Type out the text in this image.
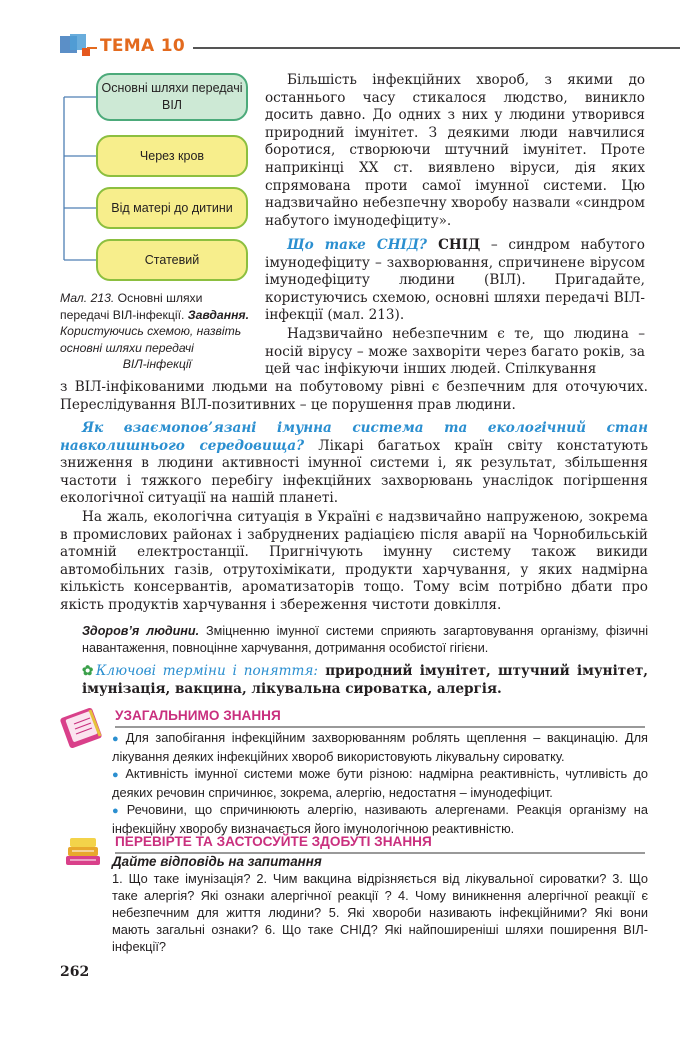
ТЕМА 10
Основні шляхи передачі ВІЛ
Через кров
Від матері до дитини
Статевий
Мал. 213. Основні шляхи передачі ВІЛ-інфекції. Завдання. Користуючись схемою, назвіть основні шляхи передачі
ВІЛ-інфекції
Більшість інфекційних хвороб, з якими до останнього часу стикалося людство, виникло досить давно. До одних з них у людини утворився природний імунітет. З деякими люди навчилися боротися, створюючи штучний імунітет. Проте наприкінці XX ст. виявлено віруси, дія яких спрямована проти самої імунної системи. Цю надзвичайно небезпечну хворобу назвали «синдром набутого імунодефіциту».
Що таке СНІД? СНІД – синдром набутого імунодефіциту – захворювання, спричинене вірусом імунодефіциту людини (ВІЛ). Пригадайте, користуючись схемою, основні шляхи передачі ВІЛ-інфекції (мал. 213).
Надзвичайно небезпечним є те, що людина – носій вірусу – може захворіти через багато років, за цей час інфікуючи інших людей. Спілкування
з ВІЛ-інфікованими людьми на побутовому рівні є безпечним для оточуючих. Переслідування ВІЛ-позитивних – це порушення прав людини.
Як взаємопов’язані імунна система та екологічний стан навколишнього середовища? Лікарі багатьох країн світу констатують зниження в людини активності імунної системи і, як результат, збільшення частоти і тяжкого перебігу інфекційних захворювань унаслідок погіршення екологічної ситуації на нашій планеті.
На жаль, екологічна ситуація в Україні є надзвичайно напруженою, зокрема в промислових районах і забруднених радіацією після аварії на Чорнобильській атомній електростанції. Пригнічують імунну систему також викиди автомобільних газів, отрутохімікати, продукти харчування, у яких надмірна кількість консервантів, ароматизаторів тощо. Тому всім потрібно дбати про якість продуктів харчування і збереження чистоти довкілля.
Здоров’я людини. Зміцненню імунної системи сприяють загартовування організму, фізичні навантаження, повноцінне харчування, дотримання особистої гігієни.
✿Ключові терміни і поняття: природний імунітет, штучний імунітет, імунізація, вакцина, лікувальна сироватка, алергія.
УЗАГАЛЬНИМО ЗНАННЯ
● Для запобігання інфекційним захворюванням роблять щеплення – вакцинацію. Для лікування деяких інфекційних хвороб використовують лікувальну сироватку.
● Активність імунної системи може бути різною: надмірна реактивність, чутливість до деяких речовин спричинює, зокрема, алергію, недостатня – імунодефіцит.
● Речовини, що спричинюють алергію, називають алергенами. Реакція організму на інфекційну хворобу визначається його імунологічною реактивністю.
ПЕРЕВІРТЕ ТА ЗАСТОСУЙТЕ ЗДОБУТІ ЗНАННЯ
Дайте відповідь на запитання
1. Що таке імунізація? 2. Чим вакцина відрізняється від лікувальної сироватки? 3. Що таке алергія? Які ознаки алергічної реакції ? 4. Чому виникнення алергічної реакції є небезпечним для життя людини? 5. Які хвороби називають інфекційними? Які вони мають загальні ознаки? 6. Що таке СНІД? Які найпоширеніші шляхи поширення ВІЛ-інфекції?
262
